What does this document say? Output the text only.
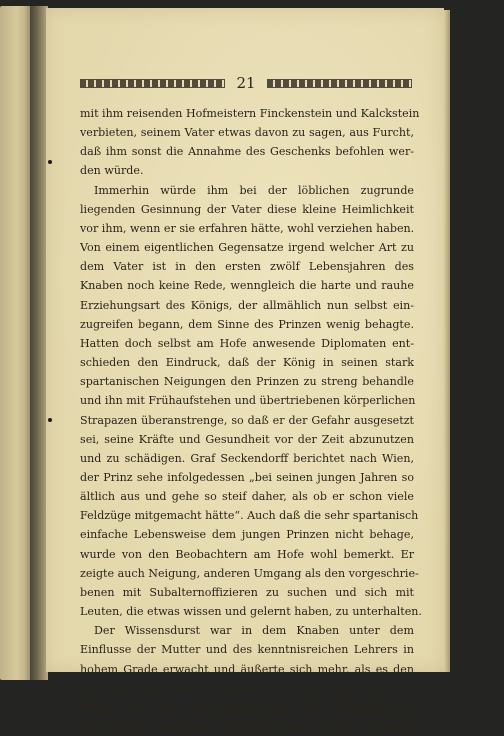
21
mit ihm reisenden Hofmeistern Finckenstein und Kalckstein
verbieten, seinem Vater etwas davon zu sagen, aus Furcht,
daß ihm sonst die Annahme des Geschenks befohlen wer-
den würde.
Immerhin würde ihm bei der löblichen zugrunde
liegenden Gesinnung der Vater diese kleine Heimlichkeit
vor ihm, wenn er sie erfahren hätte, wohl verziehen haben.
Von einem eigentlichen Gegensatze irgend welcher Art zu
dem Vater ist in den ersten zwölf Lebensjahren des
Knaben noch keine Rede, wenngleich die harte und rauhe
Erziehungsart des Königs, der allmählich nun selbst ein-
zugreifen begann, dem Sinne des Prinzen wenig behagte.
Hatten doch selbst am Hofe anwesende Diplomaten ent-
schieden den Eindruck, daß der König in seinen stark
spartanischen Neigungen den Prinzen zu streng behandle
und ihn mit Frühaufstehen und übertriebenen körperlichen
Strapazen überanstrenge, so daß er der Gefahr ausgesetzt
sei, seine Kräfte und Gesundheit vor der Zeit abzunutzen
und zu schädigen. Graf Seckendorff berichtet nach Wien,
der Prinz sehe infolgedessen „bei seinen jungen Jahren so
ältlich aus und gehe so steif daher, als ob er schon viele
Feldzüge mitgemacht hätte“. Auch daß die sehr spartanisch
einfache Lebensweise dem jungen Prinzen nicht behage,
wurde von den Beobachtern am Hofe wohl bemerkt. Er
zeigte auch Neigung, anderen Umgang als den vorgeschrie-
benen mit Subalternoffizieren zu suchen und sich mit
Leuten, die etwas wissen und gelernt haben, zu unterhalten.
Der Wissensdurst war in dem Knaben unter dem
Einflusse der Mutter und des kenntnisreichen Lehrers in
hohem Grade erwacht und äußerte sich mehr, als es den
Absichten des Vaters entsprach. Duhan sorgte für um-
fangreiche Lektüre und begann eine kleine Bibliothek für
den Prinzen anzulegen. Friedrich gewann mehr und mehr
